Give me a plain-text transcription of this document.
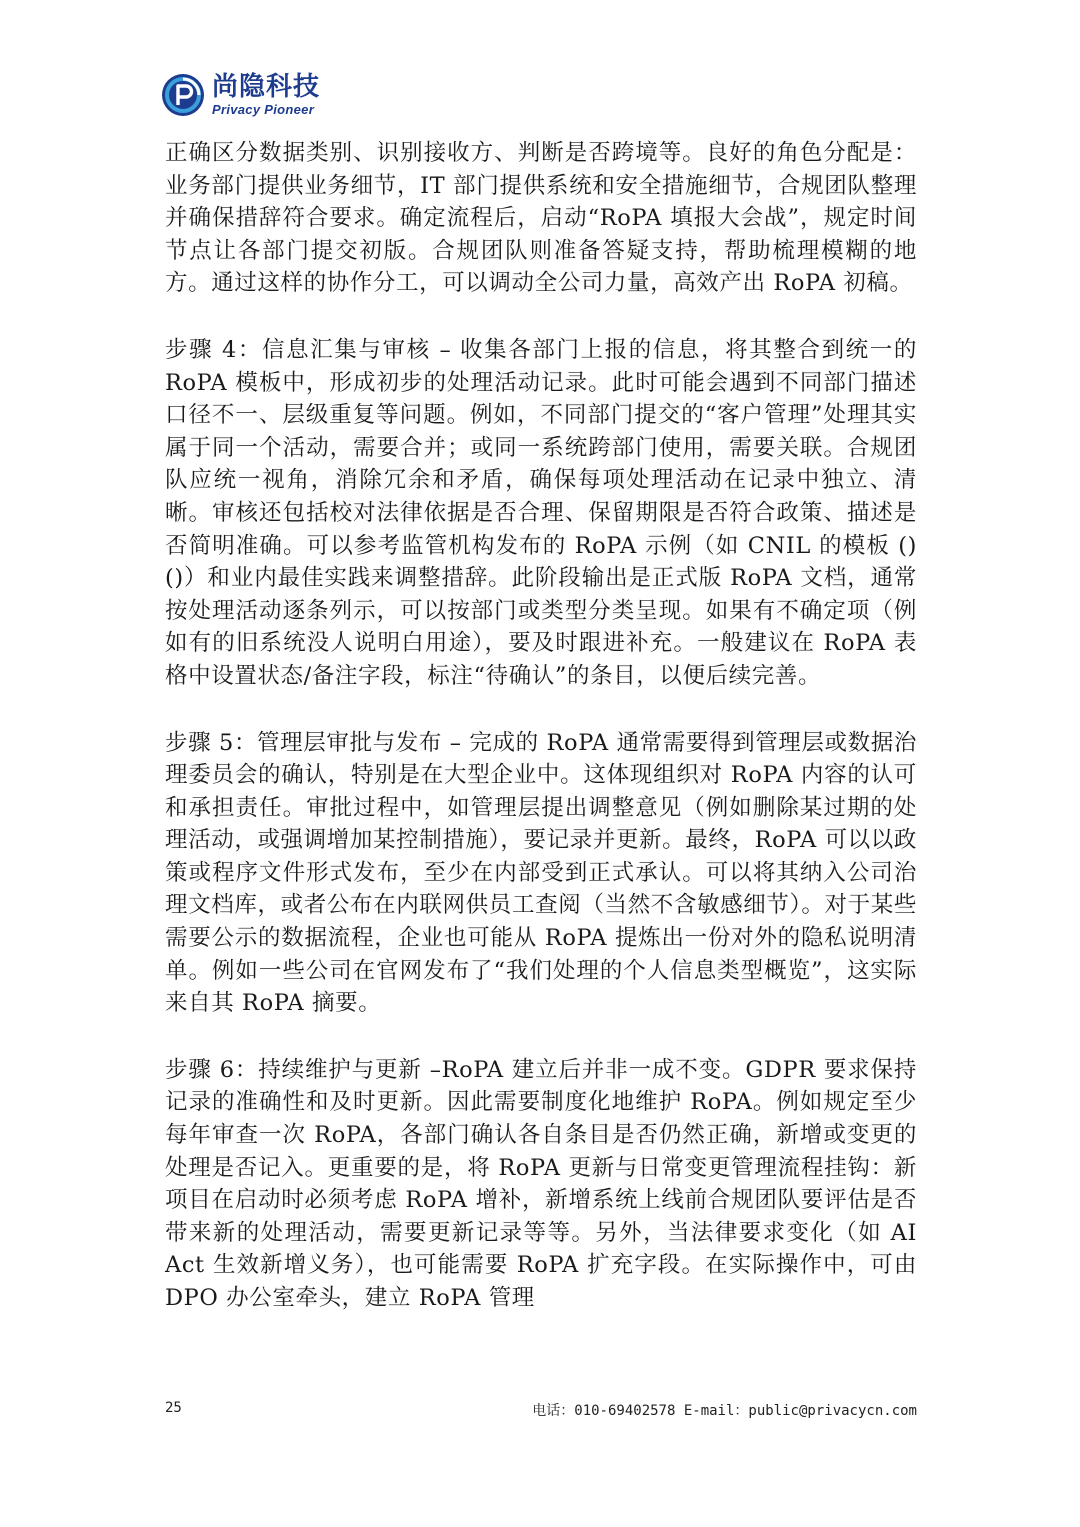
尚隐科技
Privacy Pioneer

正确区分数据类别、识别接收方、判断是否跨境等。良好的角色分配是：业务部门提供业务细节，IT 部门提供系统和安全措施细节，合规团队整理并确保措辞符合要求。确定流程后，启动“RoPA 填报大会战”，规定时间节点让各部门提交初版。合规团队则准备答疑支持，帮助梳理模糊的地方。通过这样的协作分工，可以调动全公司力量，高效产出 RoPA 初稿。

步骤 4：信息汇集与审核 – 收集各部门上报的信息，将其整合到统一的 RoPA 模板中，形成初步的处理活动记录。此时可能会遇到不同部门描述口径不一、层级重复等问题。例如，不同部门提交的“客户管理”处理其实属于同一个活动，需要合并；或同一系统跨部门使用，需要关联。合规团队应统一视角，消除冗余和矛盾，确保每项处理活动在记录中独立、清晰。审核还包括校对法律依据是否合理、保留期限是否符合政策、描述是否简明准确。可以参考监管机构发布的 RoPA 示例（如 CNIL 的模板 () ()）和业内最佳实践来调整措辞。此阶段输出是正式版 RoPA 文档，通常按处理活动逐条列示，可以按部门或类型分类呈现。如果有不确定项（例如有的旧系统没人说明白用途），要及时跟进补充。一般建议在 RoPA 表格中设置状态/备注字段，标注“待确认”的条目，以便后续完善。

步骤 5：管理层审批与发布 – 完成的 RoPA 通常需要得到管理层或数据治理委员会的确认，特别是在大型企业中。这体现组织对 RoPA 内容的认可和承担责任。审批过程中，如管理层提出调整意见（例如删除某过期的处理活动，或强调增加某控制措施），要记录并更新。最终，RoPA 可以以政策或程序文件形式发布，至少在内部受到正式承认。可以将其纳入公司治理文档库，或者公布在内联网供员工查阅（当然不含敏感细节）。对于某些需要公示的数据流程，企业也可能从 RoPA 提炼出一份对外的隐私说明清单。例如一些公司在官网发布了“我们处理的个人信息类型概览”，这实际来自其 RoPA 摘要。

步骤 6：持续维护与更新 –RoPA 建立后并非一成不变。GDPR 要求保持记录的准确性和及时更新。因此需要制度化地维护 RoPA。例如规定至少每年审查一次 RoPA，各部门确认各自条目是否仍然正确，新增或变更的处理是否记入。更重要的是，将 RoPA 更新与日常变更管理流程挂钩：新项目在启动时必须考虑 RoPA 增补，新增系统上线前合规团队要评估是否带来新的处理活动，需要更新记录等等。另外，当法律要求变化（如 AI Act 生效新增义务），也可能需要 RoPA 扩充字段。在实际操作中，可由 DPO 办公室牵头，建立 RoPA 管理

25	电话：010-69402578 E-mail：public@privacycn.com
